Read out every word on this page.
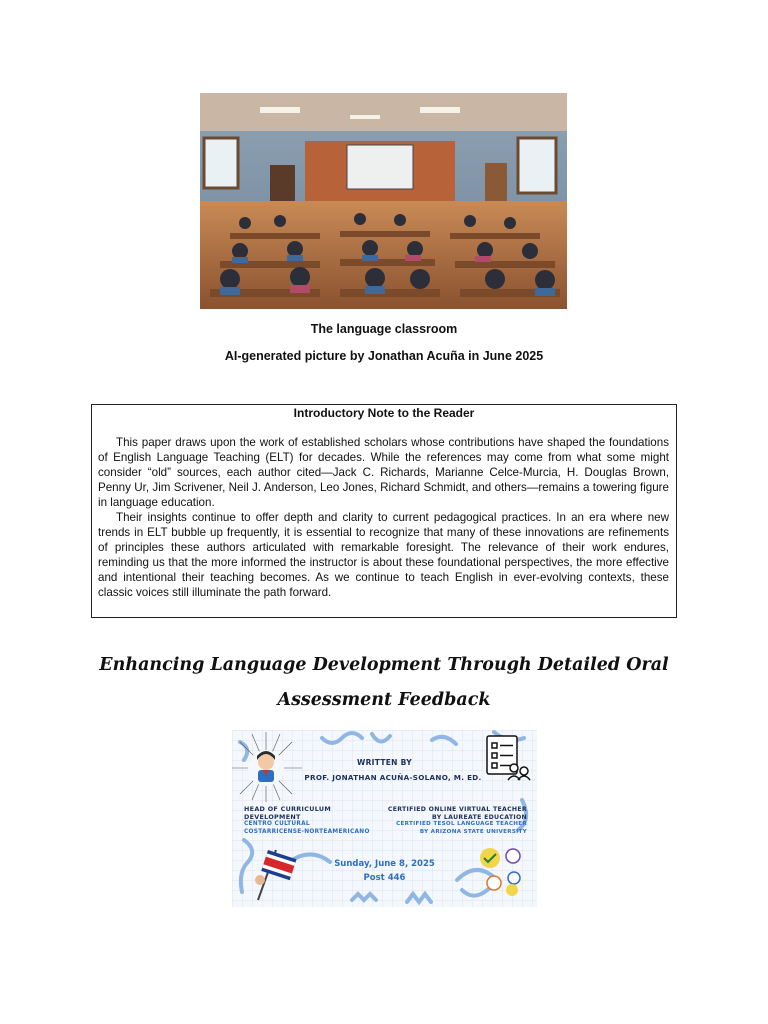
The language classroom
AI-generated picture by Jonathan Acuña in June 2025
Introductory Note to the Reader

This paper draws upon the work of established scholars whose contributions have shaped the foundations of English Language Teaching (ELT) for decades. While the references may come from what some might consider “old” sources, each author cited—Jack C. Richards, Marianne Celce-Murcia, H. Douglas Brown, Penny Ur, Jim Scrivener, Neil J. Anderson, Leo Jones, Richard Schmidt, and others—remains a towering figure in language education.

Their insights continue to offer depth and clarity to current pedagogical practices. In an era where new trends in ELT bubble up frequently, it is essential to recognize that many of these innovations are refinements of principles these authors articulated with remarkable foresight. The relevance of their work endures, reminding us that the more informed the instructor is about these foundational perspectives, the more effective and intentional their teaching becomes. As we continue to teach English in ever-evolving contexts, these classic voices still illuminate the path forward.

Enhancing Language Development Through Detailed Oral
Assessment Feedback
WRITTEN BY
PROF. JONATHAN ACUÑA-SOLANO, M. ED.
HEAD OF CURRICULUM
DEVELOPMENT
CENTRO CULTURAL
COSTARRICENSE-NORTEAMERICANO
CERTIFIED ONLINE VIRTUAL TEACHER
BY LAUREATE EDUCATION
CERTIFIED TESOL LANGUAGE TEACHER
BY ARIZONA STATE UNIVERSITY
Sunday, June 8, 2025
Post 446
